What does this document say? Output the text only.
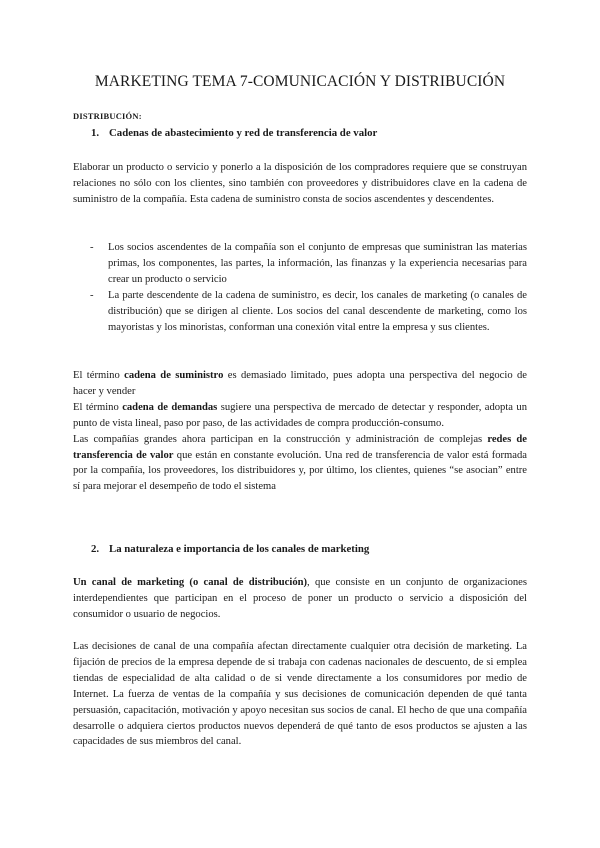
MARKETING TEMA 7-COMUNICACIÓN Y DISTRIBUCIÓN
DISTRIBUCIÓN:
1. Cadenas de abastecimiento y red de transferencia de valor

Elaborar un producto o servicio y ponerlo a la disposición de los compradores requiere que se construyan relaciones no sólo con los clientes, sino también con proveedores y distribuidores clave en la cadena de suministro de la compañía. Esta cadena de suministro consta de socios ascendentes y descendentes.

- Los socios ascendentes de la compañía son el conjunto de empresas que suministran las materias primas, los componentes, las partes, la información, las finanzas y la experiencia necesarias para crear un producto o servicio
- La parte descendente de la cadena de suministro, es decir, los canales de marketing (o canales de distribución) que se dirigen al cliente. Los socios del canal descendente de marketing, como los mayoristas y los minoristas, conforman una conexión vital entre la empresa y sus clientes.

El término cadena de suministro es demasiado limitado, pues adopta una perspectiva del negocio de hacer y vender

El término cadena de demandas sugiere una perspectiva de mercado de detectar y responder, adopta un punto de vista lineal, paso por paso, de las actividades de compra producción-consumo.

Las compañías grandes ahora participan en la construcción y administración de complejas redes de transferencia de valor que están en constante evolución. Una red de transferencia de valor está formada por la compañía, los proveedores, los distribuidores y, por último, los clientes, quienes “se asocian” entre sí para mejorar el desempeño de todo el sistema

2. La naturaleza e importancia de los canales de marketing

Un canal de marketing (o canal de distribución), que consiste en un conjunto de organizaciones interdependientes que participan en el proceso de poner un producto o servicio a disposición del consumidor o usuario de negocios.

Las decisiones de canal de una compañía afectan directamente cualquier otra decisión de marketing. La fijación de precios de la empresa depende de si trabaja con cadenas nacionales de descuento, de si emplea tiendas de especialidad de alta calidad o de si vende directamente a los consumidores por medio de Internet. La fuerza de ventas de la compañía y sus decisiones de comunicación dependen de qué tanta persuasión, capacitación, motivación y apoyo necesitan sus socios de canal. El hecho de que una compañía desarrolle o adquiera ciertos productos nuevos dependerá de qué tanto de esos productos se ajusten a las capacidades de sus miembros del canal.
